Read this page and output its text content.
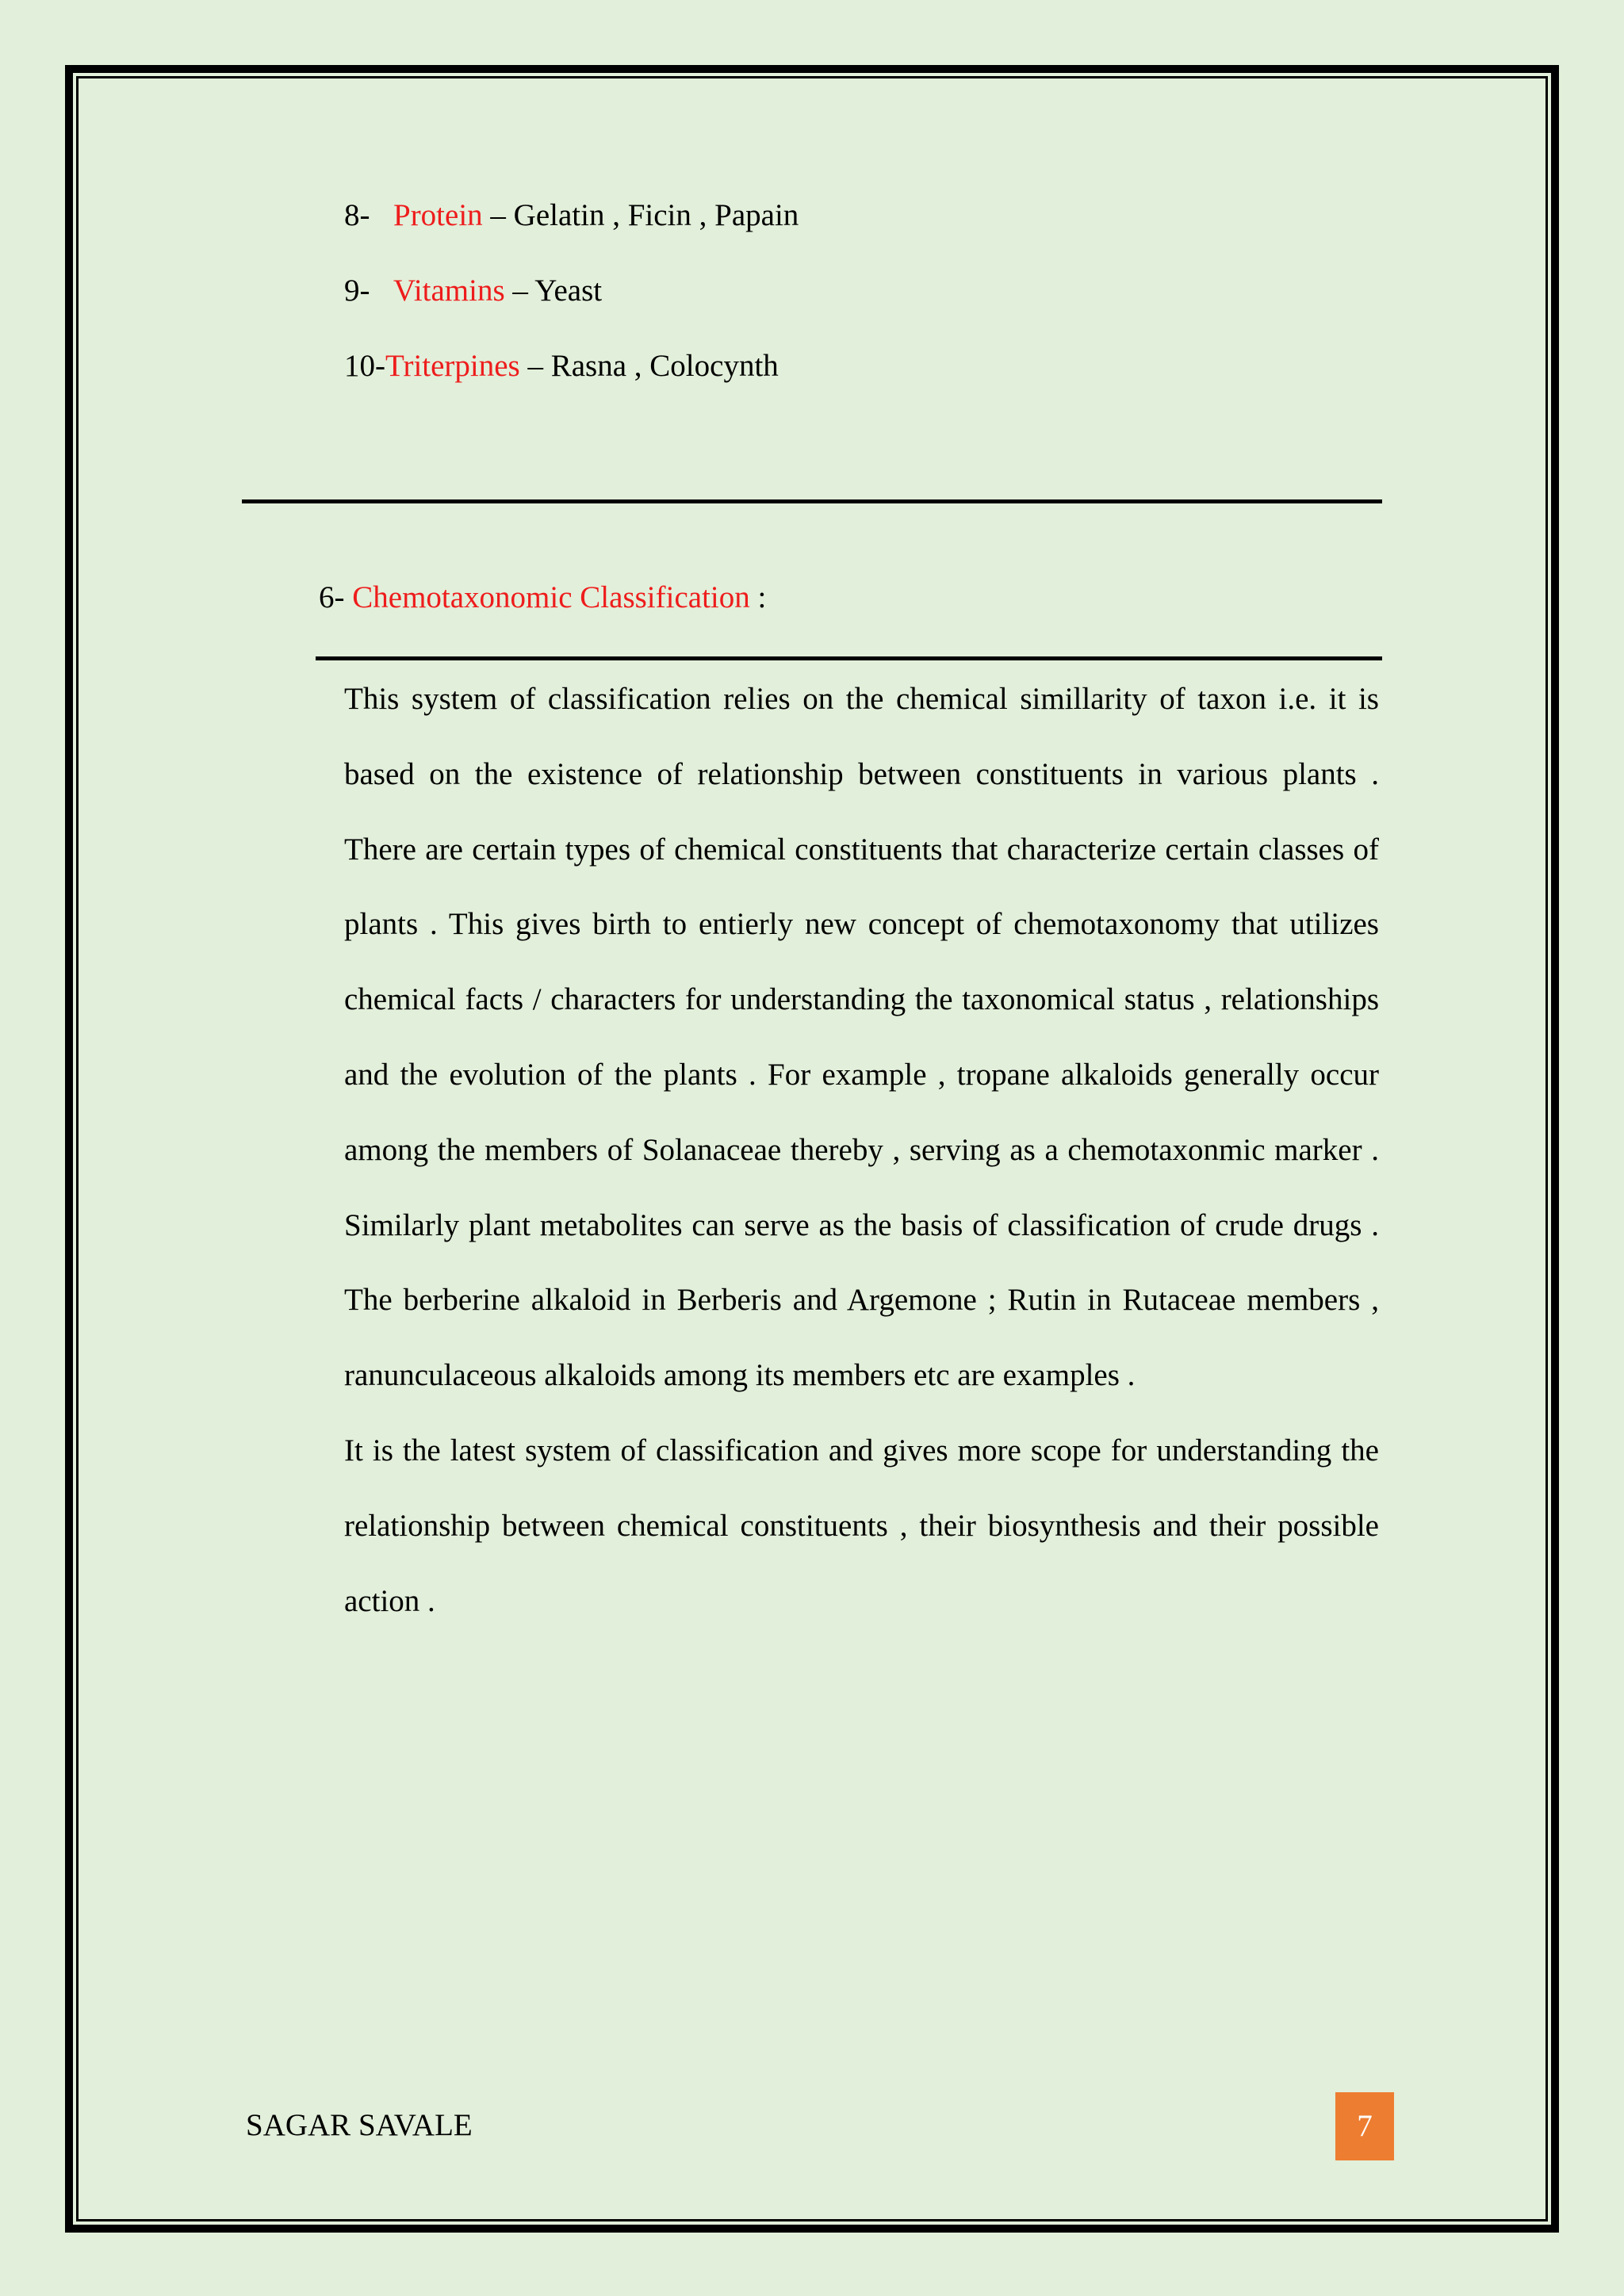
8- Protein – Gelatin , Ficin , Papain
9- Vitamins – Yeast
10-Triterpines – Rasna , Colocynth
6- Chemotaxonomic Classification :

This system of classification relies on the chemical simillarity of taxon i.e. it is based on the existence of relationship between constituents in various plants . There are certain types of chemical constituents that characterize certain classes of plants . This gives birth to entierly new concept of chemotaxonomy that utilizes chemical facts / characters for understanding the taxonomical status , relationships and the evolution of the plants . For example , tropane alkaloids generally occur among the members of Solanaceae thereby , serving as a chemotaxonmic marker . Similarly plant metabolites can serve as the basis of classification of crude drugs . The berberine alkaloid in Berberis and Argemone ; Rutin in Rutaceae members , ranunculaceous alkaloids among its members etc are examples .

It is the latest system of classification and gives more scope for understanding the relationship between chemical constituents , their biosynthesis and their possible action .

SAGAR SAVALE	7
